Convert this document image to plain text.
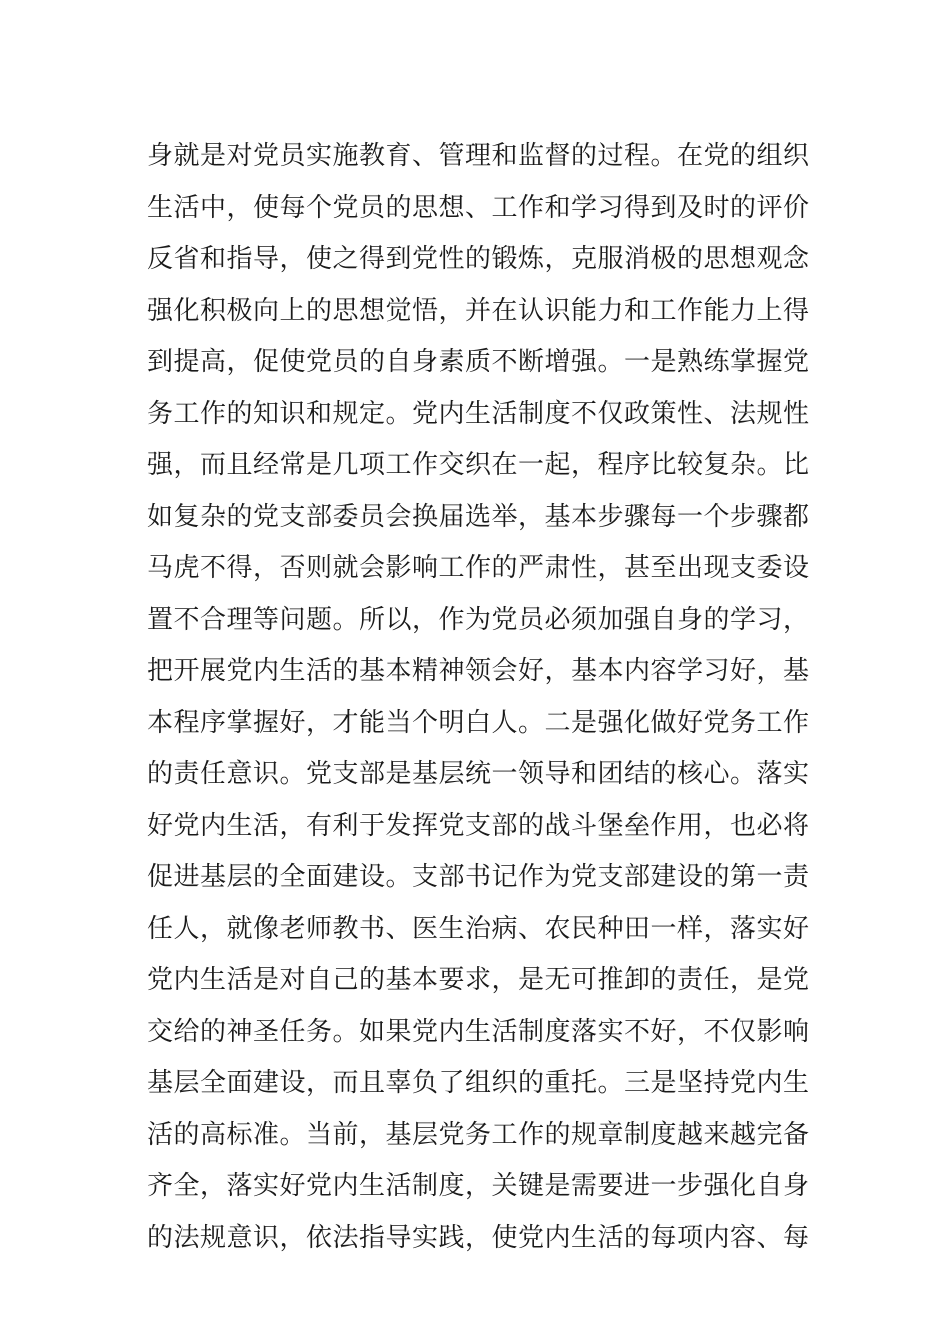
身就是对党员实施教育、管理和监督的过程。在党的组织
生活中，使每个党员的思想、工作和学习得到及时的评价
反省和指导，使之得到党性的锻炼，克服消极的思想观念
强化积极向上的思想觉悟，并在认识能力和工作能力上得
到提高，促使党员的自身素质不断增强。一是熟练掌握党
务工作的知识和规定。党内生活制度不仅政策性、法规性
强，而且经常是几项工作交织在一起，程序比较复杂。比
如复杂的党支部委员会换届选举，基本步骤每一个步骤都
马虎不得，否则就会影响工作的严肃性，甚至出现支委设
置不合理等问题。所以，作为党员必须加强自身的学习，
把开展党内生活的基本精神领会好，基本内容学习好，基
本程序掌握好，才能当个明白人。二是强化做好党务工作
的责任意识。党支部是基层统一领导和团结的核心。落实
好党内生活，有利于发挥党支部的战斗堡垒作用，也必将
促进基层的全面建设。支部书记作为党支部建设的第一责
任人，就像老师教书、医生治病、农民种田一样，落实好
党内生活是对自己的基本要求，是无可推卸的责任，是党
交给的神圣任务。如果党内生活制度落实不好，不仅影响
基层全面建设，而且辜负了组织的重托。三是坚持党内生
活的高标准。当前，基层党务工作的规章制度越来越完备
齐全，落实好党内生活制度，关键是需要进一步强化自身
的法规意识，依法指导实践，使党内生活的每项内容、每
